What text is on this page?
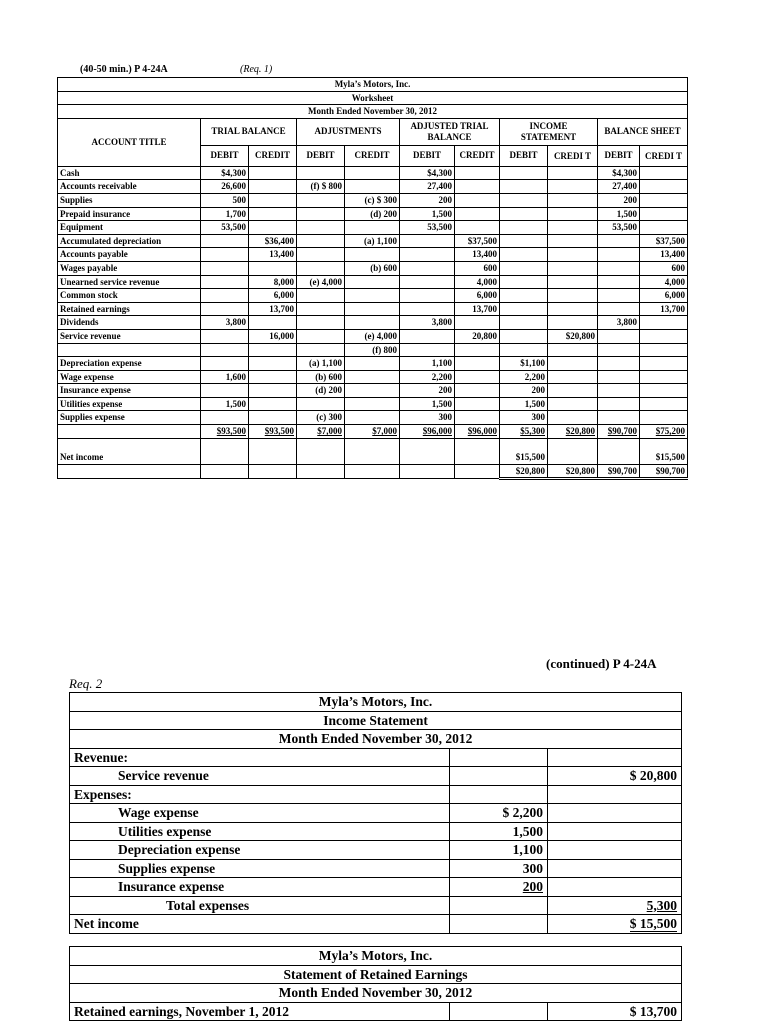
(40-50 min.) P 4-24A	(Req. 1)
Myla’s Motors, Inc.										
Worksheet										
Month Ended November 30, 2012										
ACCOUNT TITLE	TRIAL BALANCE		ADJUSTMENTS		ADJUSTED TRIAL BALANCE		INCOME STATEMENT		BALANCE SHEET	
	DEBIT	CREDIT	DEBIT	CREDIT	DEBIT	CREDIT	DEBIT	CREDI T	DEBIT	CREDI T
Cash	$4,300				$4,300				$4,300	
Accounts receivable	26,600		(f) $ 800		27,400				27,400	
Supplies	500			(c) $ 300	200				200	
Prepaid insurance	1,700			(d) 200	1,500				1,500	
Equipment	53,500				53,500				53,500	
Accumulated depreciation		$36,400		(a) 1,100		$37,500				$37,500
Accounts payable		13,400				13,400				13,400
Wages payable				(b) 600		600				600
Unearned service revenue		8,000	(e) 4,000			4,000				4,000
Common stock		6,000				6,000				6,000
Retained earnings		13,700				13,700				13,700
Dividends	3,800				3,800				3,800	
Service revenue		16,000		(e) 4,000		20,800		$20,800		
				(f) 800						
Depreciation expense			(a) 1,100		1,100		$1,100			
Wage expense	1,600		(b) 600		2,200		2,200			
Insurance expense			(d) 200		200		200			
Utilities expense	1,500				1,500		1,500			
Supplies expense			(c) 300		300		300			
	$93,500	$93,500	$7,000	$7,000	$96,000	$96,000	$5,300	$20,800	$90,700	$75,200
Net income							$15,500			$15,500
							$20,800	$20,800	$90,700	$90,700
(continued) P 4-24A
Req. 2
Myla’s Motors, Inc.			
Income Statement			
Month Ended November 30, 2012			
Revenue:			
Service revenue		$ 20,800	
Expenses:			
Wage expense	$ 2,200		
Utilities expense	1,500		
Depreciation expense	1,100		
Supplies expense	300		
Insurance expense	200		
Total expenses		5,300	
Net income		$ 15,500	
Myla’s Motors, Inc.
Statement of Retained Earnings
Month Ended November 30, 2012
Retained earnings, November 1, 2012		$ 13,700
